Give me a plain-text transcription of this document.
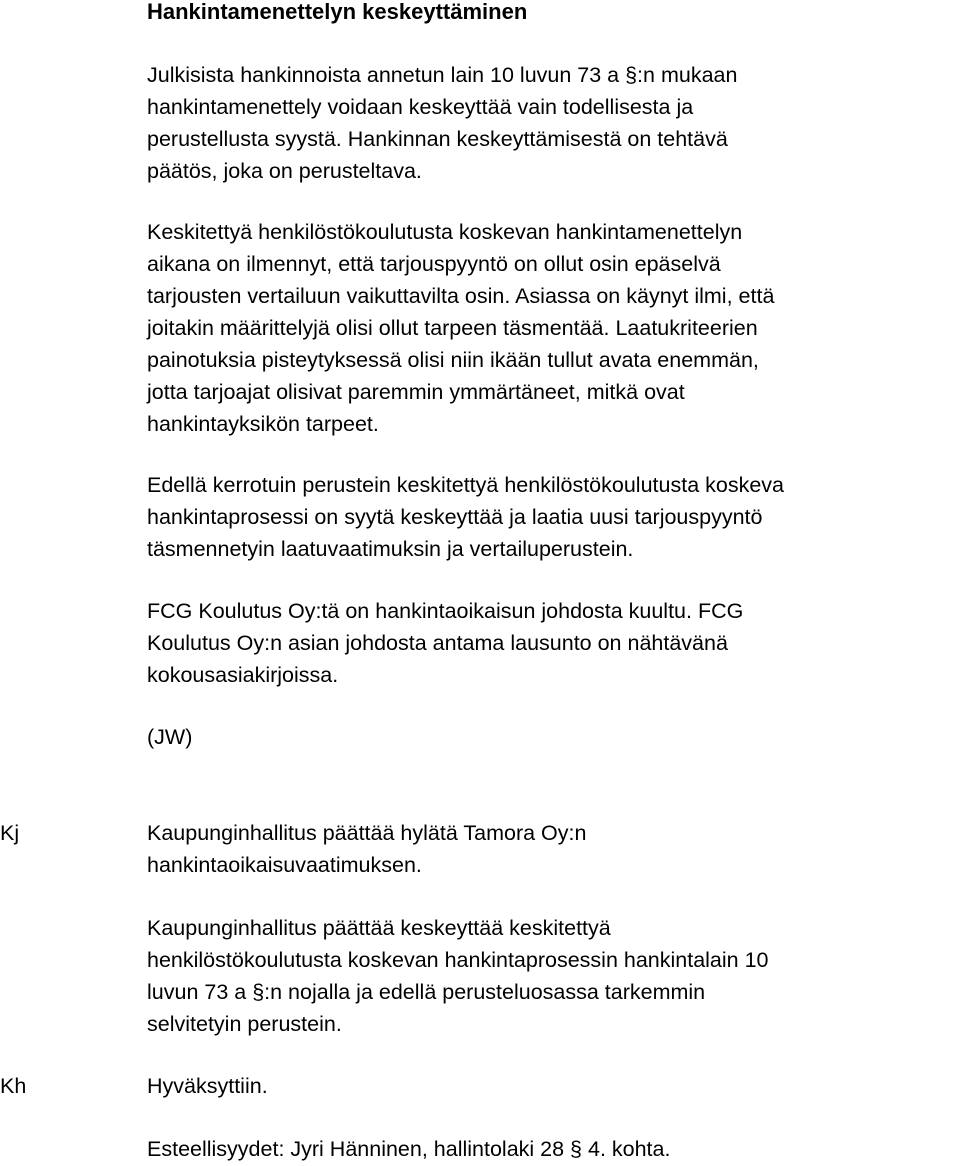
Hankintamenettelyn keskeyttäminen

Julkisista hankinnoista annetun lain 10 luvun 73 a §:n mukaan
hankintamenettely voidaan keskeyttää vain todellisesta ja
perustellusta syystä. Hankinnan keskeyttämisestä on tehtävä
päätös, joka on perusteltava.

Keskitettyä henkilöstökoulutusta koskevan hankintamenettelyn
aikana on ilmennyt, että tarjouspyyntö on ollut osin epäselvä
tarjousten vertailuun vaikuttavilta osin. Asiassa on käynyt ilmi, että
joitakin määrittelyjä olisi ollut tarpeen täsmentää. Laatukriteerien
painotuksia pisteytyksessä olisi niin ikään tullut avata enemmän,
jotta tarjoajat olisivat paremmin ymmärtäneet, mitkä ovat
hankintayksikön tarpeet.

Edellä kerrotuin perustein keskitettyä henkilöstökoulutusta koskeva
hankintaprosessi on syytä keskeyttää ja laatia uusi tarjouspyyntö
täsmennetyin laatuvaatimuksin ja vertailuperustein.

FCG Koulutus Oy:tä on hankintaoikaisun johdosta kuultu. FCG
Koulutus Oy:n asian johdosta antama lausunto on nähtävänä
kokousasiakirjoissa.

(JW)

Kj	Kaupunginhallitus päättää hylätä Tamora Oy:n
hankintaoikaisuvaatimuksen.

Kaupunginhallitus päättää keskeyttää keskitettyä
henkilöstökoulutusta koskevan hankintaprosessin hankintalain 10
luvun 73 a §:n nojalla ja edellä perusteluosassa tarkemmin
selvitetyin perustein.

Kh	Hyväksyttiin.

Esteellisyydet: Jyri Hänninen, hallintolaki 28 § 4. kohta.
